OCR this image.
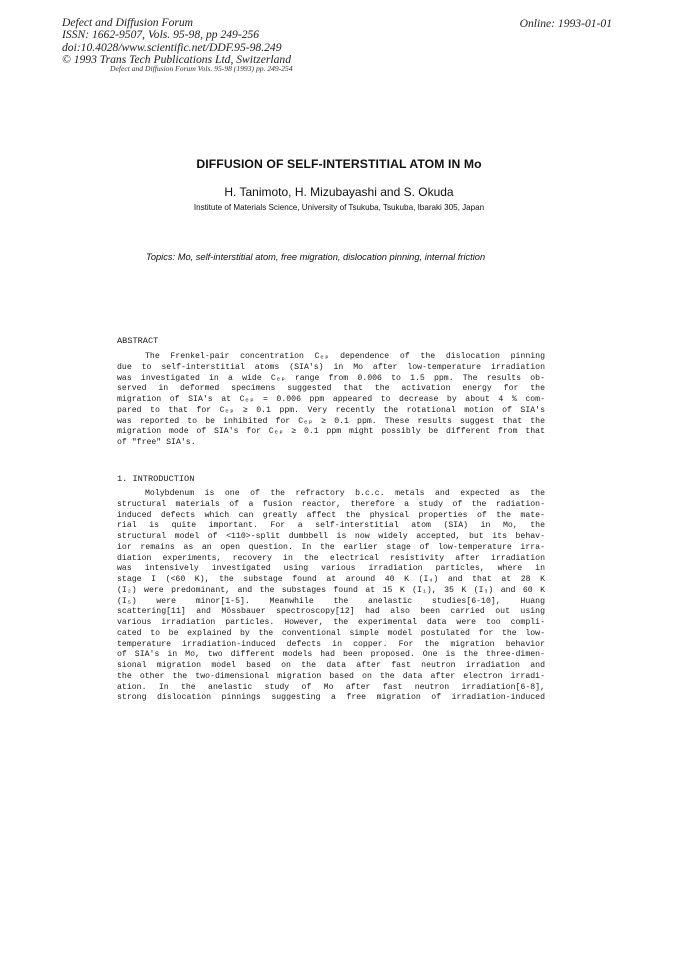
Defect and Diffusion Forum
ISSN: 1662-9507, Vols. 95-98, pp 249-256
doi:10.4028/www.scientific.net/DDF.95-98.249
© 1993 Trans Tech Publications Ltd, Switzerland
Online: 1993-01-01
Defect and Diffusion Forum Vols. 95-98 (1993) pp. 249-254
DIFFUSION OF SELF-INTERSTITIAL ATOM IN Mo
H. Tanimoto, H. Mizubayashi and S. Okuda
Institute of Materials Science, University of Tsukuba, Tsukuba, Ibaraki 305, Japan
Topics: Mo, self-interstitial atom, free migration, dislocation pinning, internal friction
ABSTRACT
The Frenkel-pair concentration Cₑₚ dependence of the dislocation pinning
due to self-interstitial atoms (SIA's) in Mo after low-temperature irradiation
was investigated in a wide Cₑₚ range from 0.006 to 1.5 ppm. The results ob-
served in deformed specimens suggested that the activation energy for the
migration of SIA's at Cₑₚ = 0.006 ppm appeared to decrease by about 4 % com-
pared to that for Cₑₚ ≥ 0.1 ppm. Very recently the rotational motion of SIA's
was reported to be inhibited for Cₑₚ ≥ 0.1 ppm. These results suggest that the
migration mode of SIA's for Cₑₚ ≥ 0.1 ppm might possibly be different from that
of "free" SIA's.
1. INTRODUCTION
Molybdenum is one of the refractory b.c.c. metals and expected as the
structural materials of a fusion reactor, therefore a study of the radiation-
induced defects which can greatly affect the physical properties of the mate-
rial is quite important. For a self-interstitial atom (SIA) in Mo, the
structural model of <110>-split dumbbell is now widely accepted, but its behav-
ior remains as an open question. In the earlier stage of low-temperature irra-
diation experiments, recovery in the electrical resistivity after irradiation
was intensively investigated using various irradiation particles, where in
stage I (<60 K), the substage found at around 40 K (I₄) and that at 28 K
(I₂) were predominant, and the substages found at 15 K (I₁), 35 K (I₃) and 60 K
(I₅) were minor[1-5]. Meanwhile the anelastic studies[6-10], Huang
scattering[11] and Mössbauer spectroscopy[12] had also been carried out using
various irradiation particles. However, the experimental data were too compli-
cated to be explained by the conventional simple model postulated for the low-
temperature irradiation-induced defects in copper. For the migration behavior
of SIA's in Mo, two different models had been proposed. One is the three-dimen-
sional migration model based on the data after fast neutron irradiation and
the other the two-dimensional migration based on the data after electron irradi-
ation. In the anelastic study of Mo after fast neutron irradiation[6-8],
strong dislocation pinnings suggesting a free migration of irradiation-induced
